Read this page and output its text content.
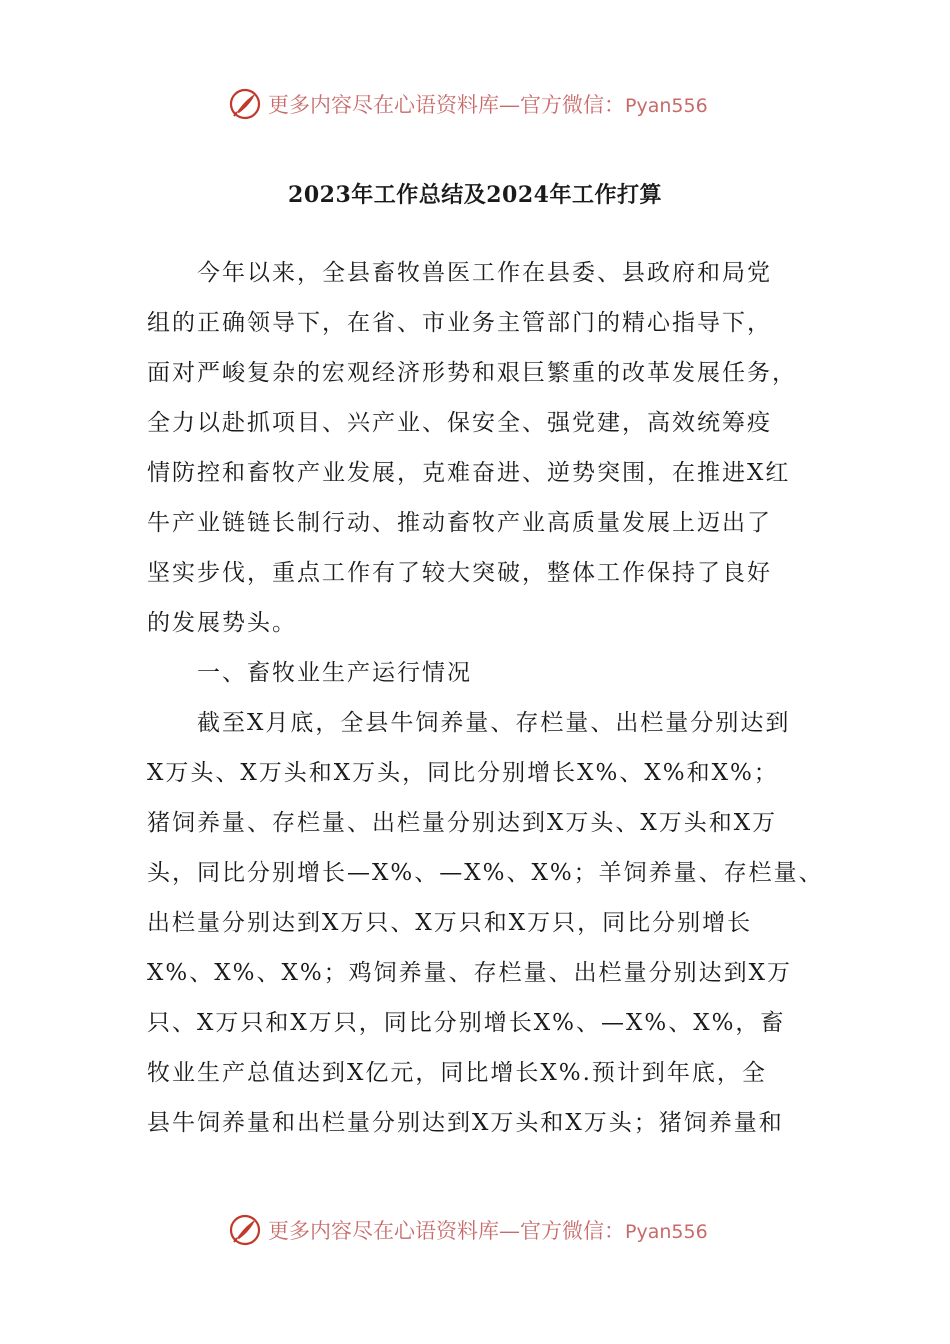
更多内容尽在心语资料库—官方微信：Pyan556
2023年工作总结及2024年工作打算
今年以来，全县畜牧兽医工作在县委、县政府和局党
组的正确领导下，在省、市业务主管部门的精心指导下，
面对严峻复杂的宏观经济形势和艰巨繁重的改革发展任务，
全力以赴抓项目、兴产业、保安全、强党建，高效统筹疫
情防控和畜牧产业发展，克难奋进、逆势突围，在推进X红
牛产业链链长制行动、推动畜牧产业高质量发展上迈出了
坚实步伐，重点工作有了较大突破，整体工作保持了良好
的发展势头。
一、畜牧业生产运行情况
截至X月底，全县牛饲养量、存栏量、出栏量分别达到
X万头、X万头和X万头，同比分别增长X%、X%和X%；
猪饲养量、存栏量、出栏量分别达到X万头、X万头和X万
头，同比分别增长—X%、—X%、X%；羊饲养量、存栏量、
出栏量分别达到X万只、X万只和X万只，同比分别增长
X%、X%、X%；鸡饲养量、存栏量、出栏量分别达到X万
只、X万只和X万只，同比分别增长X%、—X%、X%，畜
牧业生产总值达到X亿元，同比增长X%.预计到年底，全
县牛饲养量和出栏量分别达到X万头和X万头；猪饲养量和
更多内容尽在心语资料库—官方微信：Pyan556
